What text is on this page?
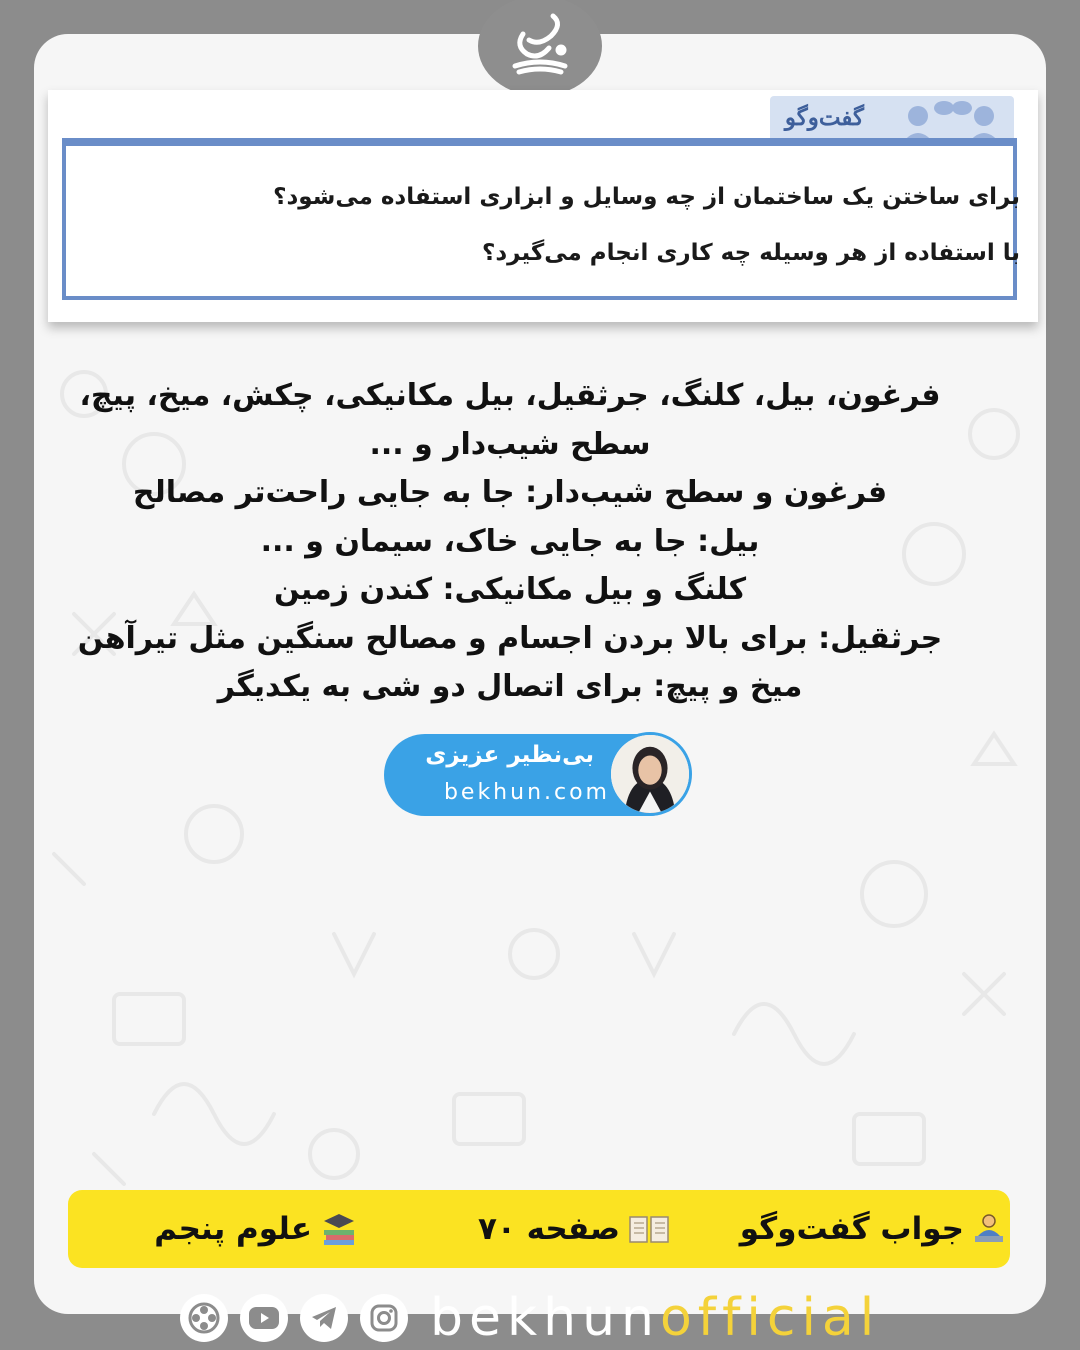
گفت‌وگو
برای ساختن یک ساختمان از چه وسایل و ابزاری استفاده می‌شود؟
با استفاده از هر وسیله چه کاری انجام می‌گیرد؟
فرغون، بیل، کلنگ، جرثقیل، بیل مکانیکی، چکش، میخ، پیچ،
سطح شیب‌دار و ...
فرغون و سطح شیب‌دار: جا به جایی راحت‌تر مصالح
بیل: جا به جایی خاک، سیمان و ...
کلنگ و بیل مکانیکی: کندن زمین
جرثقیل: برای بالا بردن اجسام و مصالح سنگین مثل تیرآهن
میخ و پیچ: برای اتصال دو شی به یکدیگر
بی‌نظیر عزیزی
bekhun.com
جواب گفت‌وگو
صفحه ۷۰
علوم پنجم
bekhun official
